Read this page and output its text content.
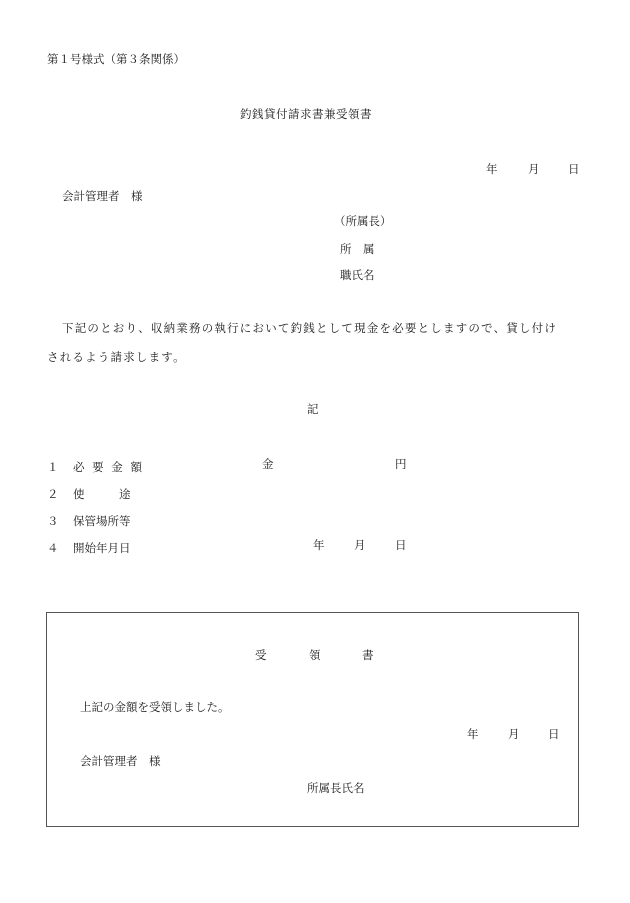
第１号様式（第３条関係）
釣銭貸付請求書兼受領書
年	月 日
会計管理者　様
（所属長）
所　属
職氏名
下記のとおり、収納業務の執行において釣銭として現金を必要としますので、貸し付け
されるよう請求します。
記
１ 必 要 金 額	金	円
２ 使　　　途
３ 保管場所等
４ 開始年月日	年	月	日
受	領	書
上記の金額を受領しました。
年	月 日
会計管理者　様
所属長氏名
